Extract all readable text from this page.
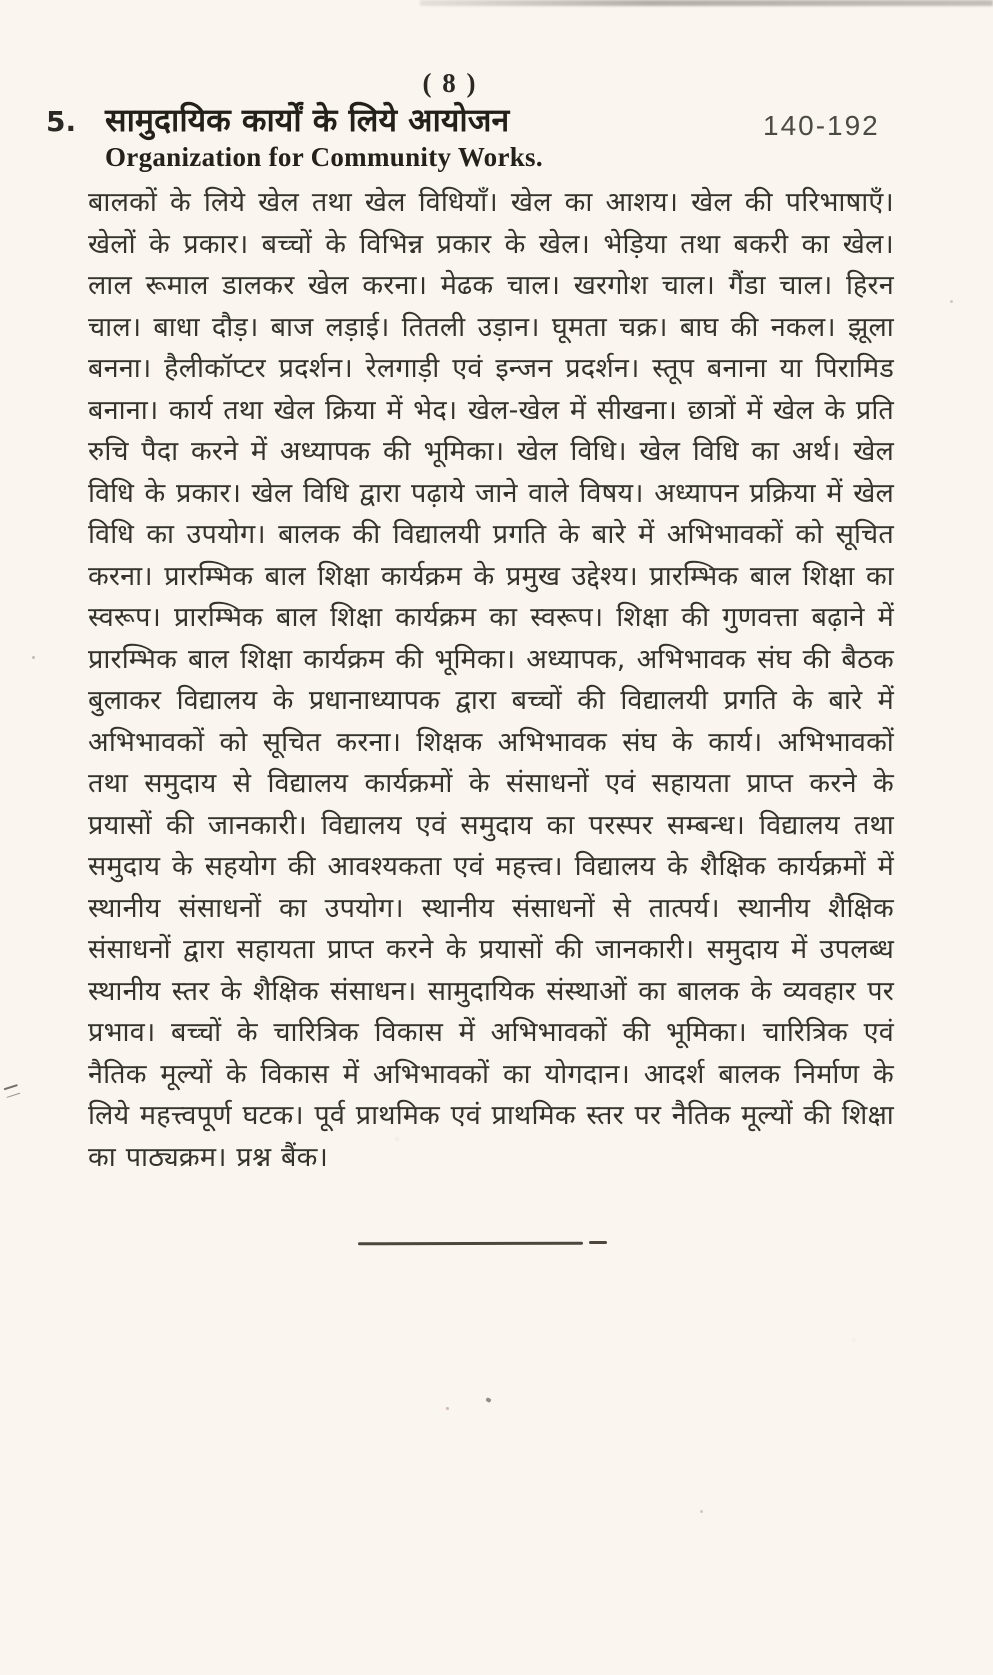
( 8 )
5. सामुदायिक कार्यों के लिये आयोजन	140-192
Organization for Community Works.
बालकों के लिये खेल तथा खेल विधियाँ। खेल का आशय। खेल की परिभाषाएँ। खेलों के प्रकार। बच्चों के विभिन्न प्रकार के खेल। भेड़िया तथा बकरी का खेल। लाल रूमाल डालकर खेल करना। मेढक चाल। खरगोश चाल। गैंडा चाल। हिरन चाल। बाधा दौड़। बाज लड़ाई। तितली उड़ान। घूमता चक्र। बाघ की नकल। झूला बनना। हैलीकॉप्टर प्रदर्शन। रेलगाड़ी एवं इन्जन प्रदर्शन। स्तूप बनाना या पिरामिड बनाना। कार्य तथा खेल क्रिया में भेद। खेल-खेल में सीखना। छात्रों में खेल के प्रति रुचि पैदा करने में अध्यापक की भूमिका। खेल विधि। खेल विधि का अर्थ। खेल विधि के प्रकार। खेल विधि द्वारा पढ़ाये जाने वाले विषय। अध्यापन प्रक्रिया में खेल विधि का उपयोग। बालक की विद्यालयी प्रगति के बारे में अभिभावकों को सूचित करना। प्रारम्भिक बाल शिक्षा कार्यक्रम के प्रमुख उद्देश्य। प्रारम्भिक बाल शिक्षा का स्वरूप। प्रारम्भिक बाल शिक्षा कार्यक्रम का स्वरूप। शिक्षा की गुणवत्ता बढ़ाने में प्रारम्भिक बाल शिक्षा कार्यक्रम की भूमिका। अध्यापक, अभिभावक संघ की बैठक बुलाकर विद्यालय के प्रधानाध्यापक द्वारा बच्चों की विद्यालयी प्रगति के बारे में अभिभावकों को सूचित करना। शिक्षक अभिभावक संघ के कार्य। अभिभावकों तथा समुदाय से विद्यालय कार्यक्रमों के संसाधनों एवं सहायता प्राप्त करने के प्रयासों की जानकारी। विद्यालय एवं समुदाय का परस्पर सम्बन्ध। विद्यालय तथा समुदाय के सहयोग की आवश्यकता एवं महत्त्व। विद्यालय के शैक्षिक कार्यक्रमों में स्थानीय संसाधनों का उपयोग। स्थानीय संसाधनों से तात्पर्य। स्थानीय शैक्षिक संसाधनों द्वारा सहायता प्राप्त करने के प्रयासों की जानकारी। समुदाय में उपलब्ध स्थानीय स्तर के शैक्षिक संसाधन। सामुदायिक संस्थाओं का बालक के व्यवहार पर प्रभाव। बच्चों के चारित्रिक विकास में अभिभावकों की भूमिका। चारित्रिक एवं नैतिक मूल्यों के विकास में अभिभावकों का योगदान। आदर्श बालक निर्माण के लिये महत्त्वपूर्ण घटक। पूर्व प्राथमिक एवं प्राथमिक स्तर पर नैतिक मूल्यों की शिक्षा का पाठ्यक्रम। प्रश्न बैंक।
